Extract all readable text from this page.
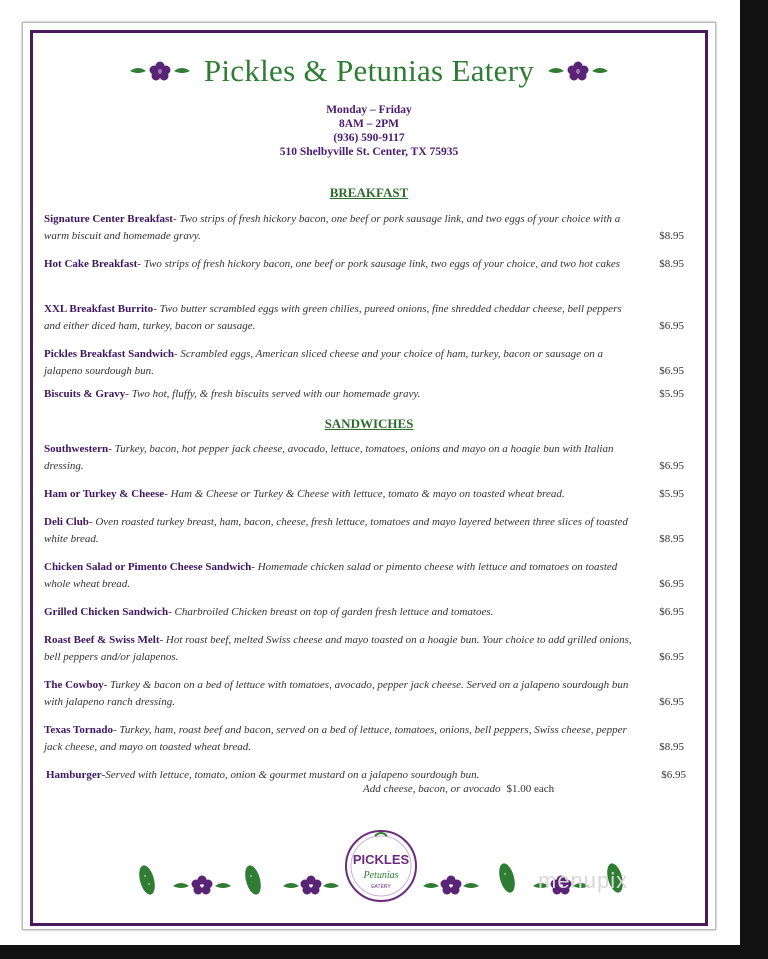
Pickles & Petunias Eatery
Monday – Friday
8AM – 2PM
(936) 590-9117
510 Shelbyville St. Center, TX 75935
BREAKFAST
Signature Center Breakfast- Two strips of fresh hickory bacon, one beef or pork sausage link, and two eggs of your choice with a warm biscuit and homemade gravy.	$8.95
Hot Cake Breakfast- Two strips of fresh hickory bacon, one beef or pork sausage link, two eggs of your choice, and two hot cakes	$8.95
XXL Breakfast Burrito- Two butter scrambled eggs with green chilies, pureed onions, fine shredded cheddar cheese, bell peppers and either diced ham, turkey, bacon or sausage.	$6.95
Pickles Breakfast Sandwich- Scrambled eggs, American sliced cheese and your choice of ham, turkey, bacon or sausage on a jalapeno sourdough bun.	$6.95
Biscuits & Gravy- Two hot, fluffy, & fresh biscuits served with our homemade gravy.	$5.95
SANDWICHES
Southwestern- Turkey, bacon, hot pepper jack cheese, avocado, lettuce, tomatoes, onions and mayo on a hoagie bun with Italian dressing.	$6.95
Ham or Turkey & Cheese- Ham & Cheese or Turkey & Cheese with lettuce, tomato & mayo on toasted wheat bread.	$5.95
Deli Club- Oven roasted turkey breast, ham, bacon, cheese, fresh lettuce, tomatoes and mayo layered between three slices of toasted white bread.	$8.95
Chicken Salad or Pimento Cheese Sandwich- Homemade chicken salad or pimento cheese with lettuce and tomatoes on toasted whole wheat bread.	$6.95
Grilled Chicken Sandwich- Charbroiled Chicken breast on top of garden fresh lettuce and tomatoes.	$6.95
Roast Beef & Swiss Melt- Hot roast beef, melted Swiss cheese and mayo toasted on a hoagie bun. Your choice to add grilled onions, bell peppers and/or jalapenos.	$6.95
The Cowboy- Turkey & bacon on a bed of lettuce with tomatoes, avocado, pepper jack cheese. Served on a jalapeno sourdough bun with jalapeno ranch dressing.	$6.95
Texas Tornado- Turkey, ham, roast beef and bacon, served on a bed of lettuce, tomatoes, onions, bell peppers, Swiss cheese, pepper jack cheese, and mayo on toasted wheat bread.	$8.95
Hamburger-Served with lettuce, tomato, onion & gourmet mustard on a jalapeno sourdough bun.	$6.95
Add cheese, bacon, or avocado $1.00 each
PICKLES
Petunias
EATERY	menupix
